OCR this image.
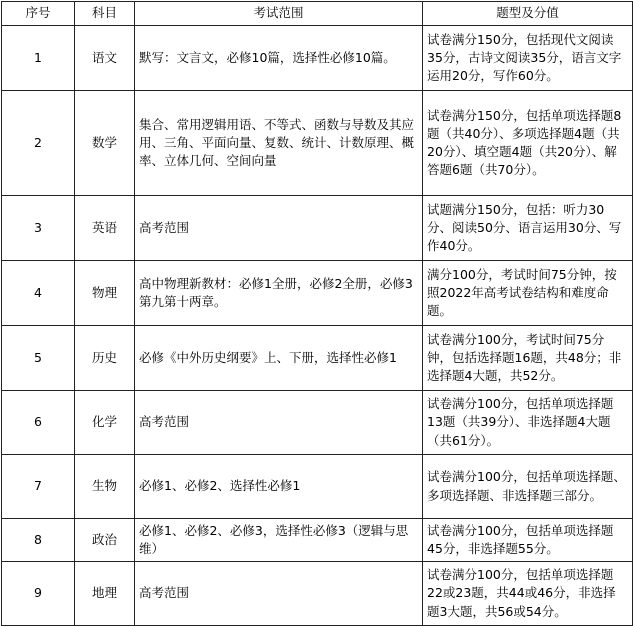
序号	科目	考试范围	题型及分值
1	语文	默写：文言文，必修10篇，选择性必修10篇。	试卷满分150分，包括现代文阅读35分，古诗文阅读35分，语言文字运用20分，写作60分。
2	数学	集合、常用逻辑用语、不等式、函数与导数及其应用、三角、平面向量、复数、统计、计数原理、概率、立体几何、空间向量	试卷满分150分，包括单项选择题8题（共40分）、多项选择题4题（共20分）、填空题4题（共20分）、解答题6题（共70分）。
3	英语	高考范围	试题满分150分，包括：听力30分、阅读50分、语言运用30分、写作40分。
4	物理	高中物理新教材：必修1全册，必修2全册，必修3第九第十两章。	满分100分，考试时间75分钟，按照2022年高考试卷结构和难度命题。
5	历史	必修《中外历史纲要》上、下册，选择性必修1	试卷满分100分，考试时间75分钟，包括选择题16题，共48分；非选择题4大题，共52分。
6	化学	高考范围	试卷满分100分，包括单项选择题13题（共39分）、非选择题4大题（共61分）。
7	生物	必修1、必修2、选择性必修1	试卷满分100分，包括单项选择题、多项选择题、非选择题三部分。
8	政治	必修1、必修2、必修3，选择性必修3（逻辑与思维）	试卷满分100分，包括单项选择题45分，非选择题55分。
9	地理	高考范围	试卷满分100分，包括单项选择题22或23题，共44或46分，非选择题3大题，共56或54分。
